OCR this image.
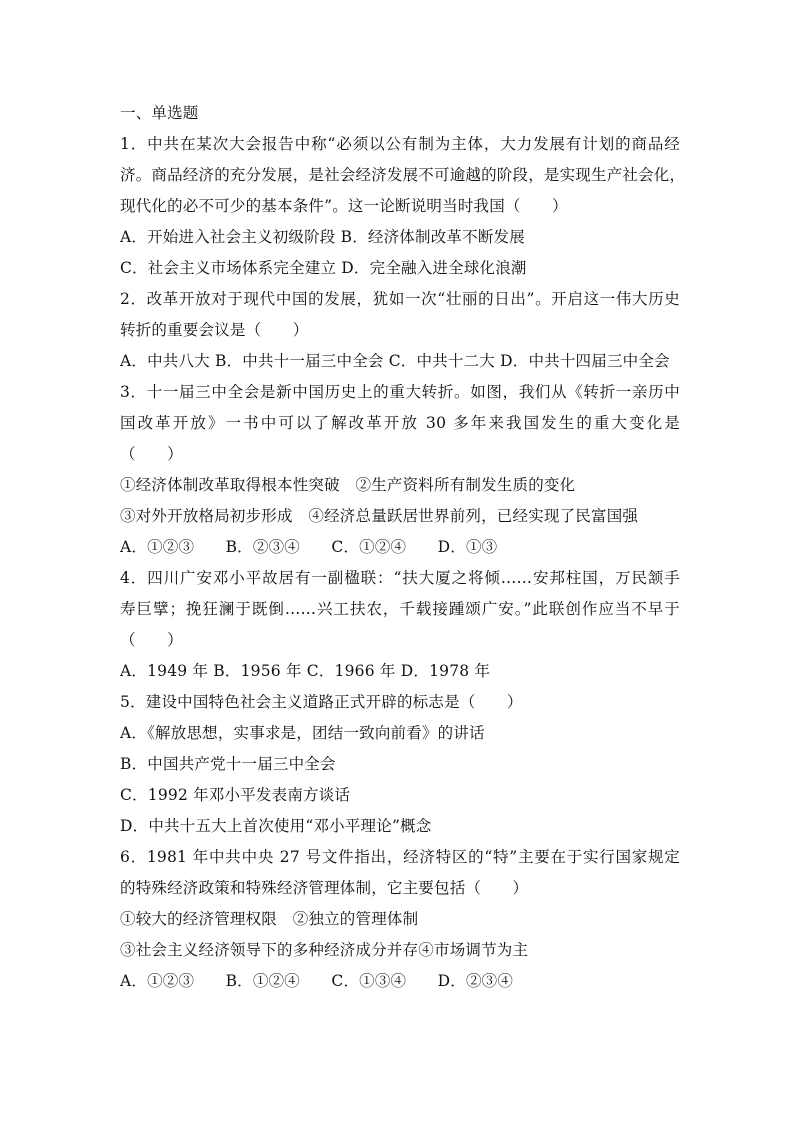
一、单选题
1．中共在某次大会报告中称“必须以公有制为主体，大力发展有计划的商品经
济。商品经济的充分发展，是社会经济发展不可逾越的阶段，是实现生产社会化，
现代化的必不可少的基本条件”。这一论断说明当时我国（　　）
A．开始进入社会主义初级阶段 B．经济体制改革不断发展
C．社会主义市场体系完全建立 D．完全融入进全球化浪潮
2．改革开放对于现代中国的发展，犹如一次“壮丽的日出”。开启这一伟大历史
转折的重要会议是（　　）
A．中共八大 B．中共十一届三中全会 C．中共十二大 D．中共十四届三中全会
3．十一届三中全会是新中国历史上的重大转折。如图，我们从《转折一亲历中
国改革开放》一书中可以了解改革开放 30 多年来我国发生的重大变化是
（　　）
①经济体制改革取得根本性突破　②生产资料所有制发生质的变化
③对外开放格局初步形成　④经济总量跃居世界前列，已经实现了民富国强
A．①②③　　B．②③④　　C．①②④　　D．①③
4．四川广安邓小平故居有一副楹联：“扶大厦之将倾……安邦柱国，万民颔手
寿巨擘；挽狂澜于既倒……兴工扶农，千载接踵颂广安。”此联创作应当不早于
（　　）
A．1949 年 B．1956 年 C．1966 年 D．1978 年
5．建设中国特色社会主义道路正式开辟的标志是（　　）
A．《解放思想，实事求是，团结一致向前看》的讲话
B．中国共产党十一届三中全会
C．1992 年邓小平发表南方谈话
D．中共十五大上首次使用“邓小平理论”概念
6．1981 年中共中央 27 号文件指出，经济特区的“特”主要在于实行国家规定
的特殊经济政策和特殊经济管理体制，它主要包括（　　）
①较大的经济管理权限　②独立的管理体制
③社会主义经济领导下的多种经济成分并存④市场调节为主
A．①②③　　B．①②④　　C．①③④　　D．②③④
